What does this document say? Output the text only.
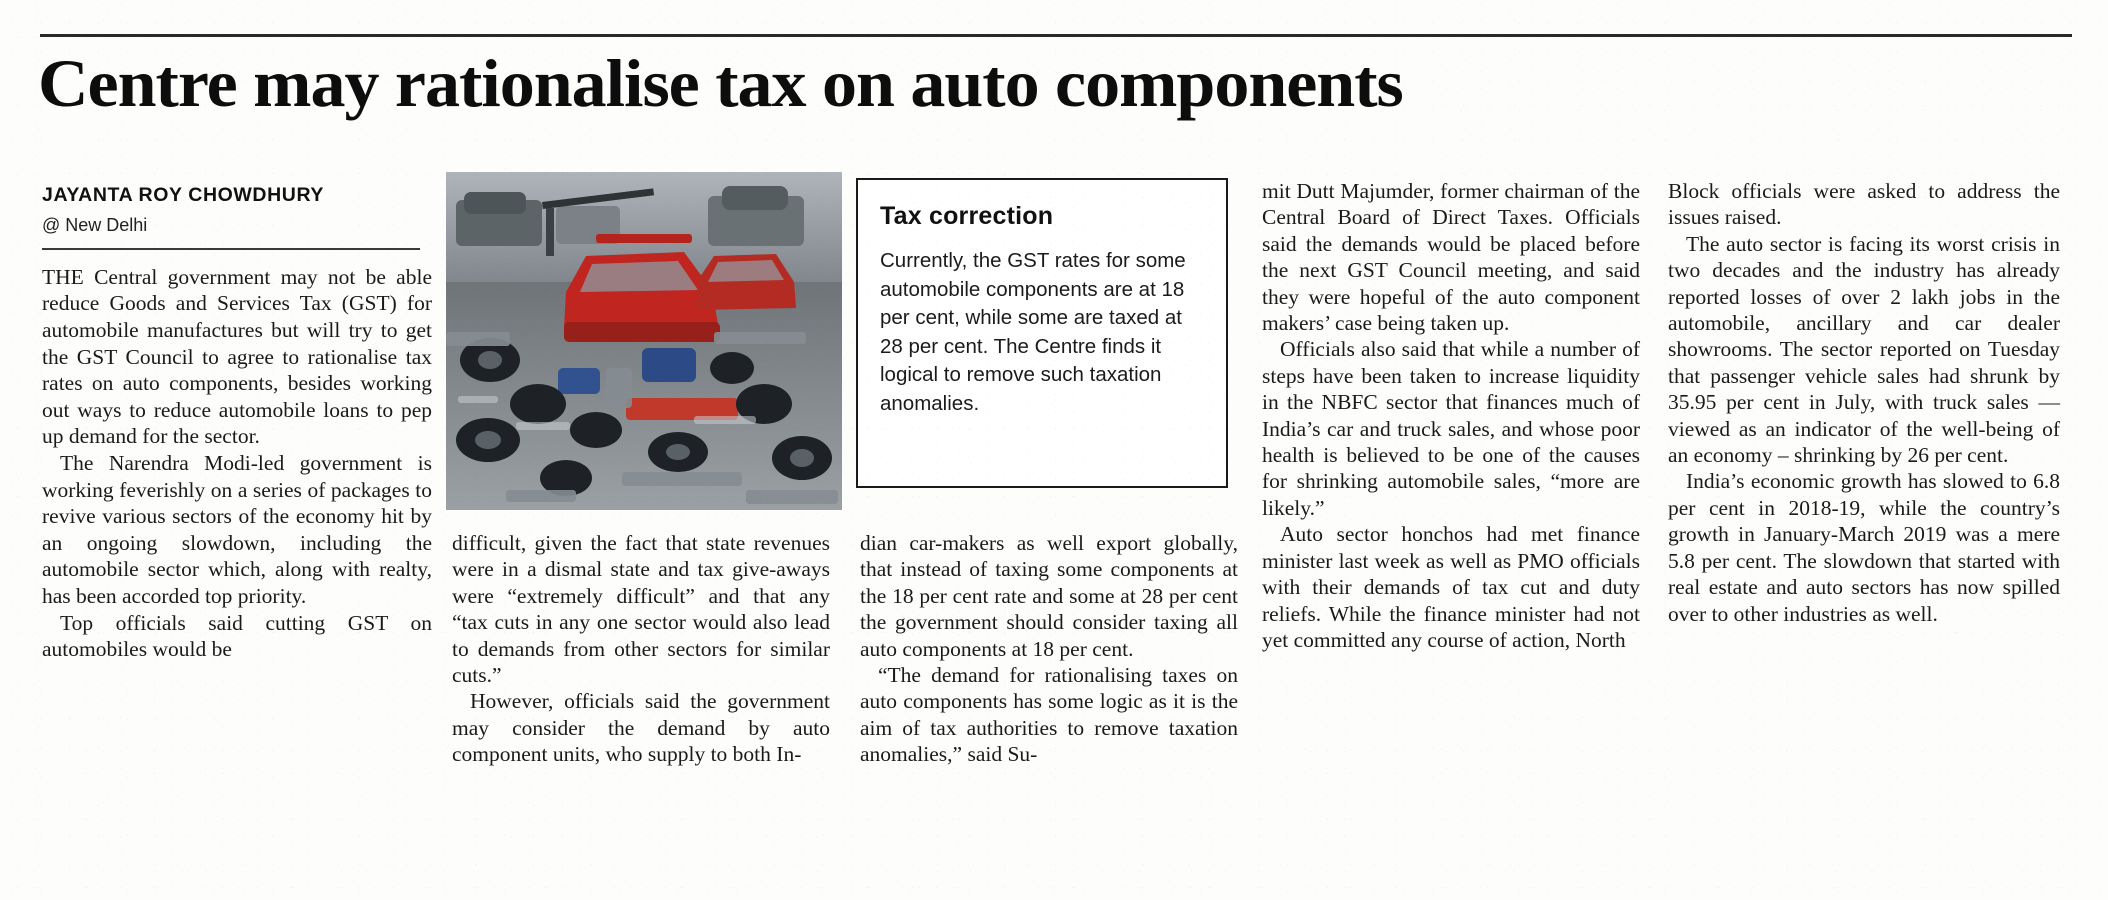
Centre may rationalise tax on auto components
Tax correction

Currently, the GST rates for some automobile components are at 18 per cent, while some are taxed at 28 per cent. The Centre finds it logical to remove such taxation anomalies.

JAYANTA ROY CHOWDHURY
@ New Delhi

THE Central government may not be able reduce Goods and Services Tax (GST) for automobile manufactures but will try to get the GST Council to agree to rationalise tax rates on auto components, besides working out ways to reduce automobile loans to pep up demand for the sector.

The Narendra Modi-led government is working feverishly on a series of packages to revive various sectors of the economy hit by an ongoing slowdown, including the automobile sector which, along with realty, has been accorded top priority.

Top officials said cutting GST on automobiles would be

difficult, given the fact that state revenues were in a dismal state and tax give-aways were “extremely difficult” and that any “tax cuts in any one sector would also lead to demands from other sectors for similar cuts.”

However, officials said the government may consider the demand by auto component units, who supply to both In-

dian car-makers as well export globally, that instead of taxing some components at the 18 per cent rate and some at 28 per cent the government should consider taxing all auto components at 18 per cent.

“The demand for rationalising taxes on auto components has some logic as it is the aim of tax authorities to remove taxation anomalies,” said Su-

mit Dutt Majumder, former chairman of the Central Board of Direct Taxes. Officials said the demands would be placed before the next GST Council meeting, and said they were hopeful of the auto component makers’ case being taken up.

Officials also said that while a number of steps have been taken to increase liquidity in the NBFC sector that finances much of India’s car and truck sales, and whose poor health is believed to be one of the causes for shrinking automobile sales, “more are likely.”

Auto sector honchos had met finance minister last week as well as PMO officials with their demands of tax cut and duty reliefs. While the finance minister had not yet committed any course of action, North

Block officials were asked to address the issues raised.

The auto sector is facing its worst crisis in two decades and the industry has already reported losses of over 2 lakh jobs in the automobile, ancillary and car dealer showrooms. The sector reported on Tuesday that passenger vehicle sales had shrunk by 35.95 per cent in July, with truck sales — viewed as an indicator of the well-being of an economy – shrinking by 26 per cent.

India’s economic growth has slowed to 6.8 per cent in 2018-19, while the country’s growth in January-March 2019 was a mere 5.8 per cent. The slowdown that started with real estate and auto sectors has now spilled over to other industries as well.
